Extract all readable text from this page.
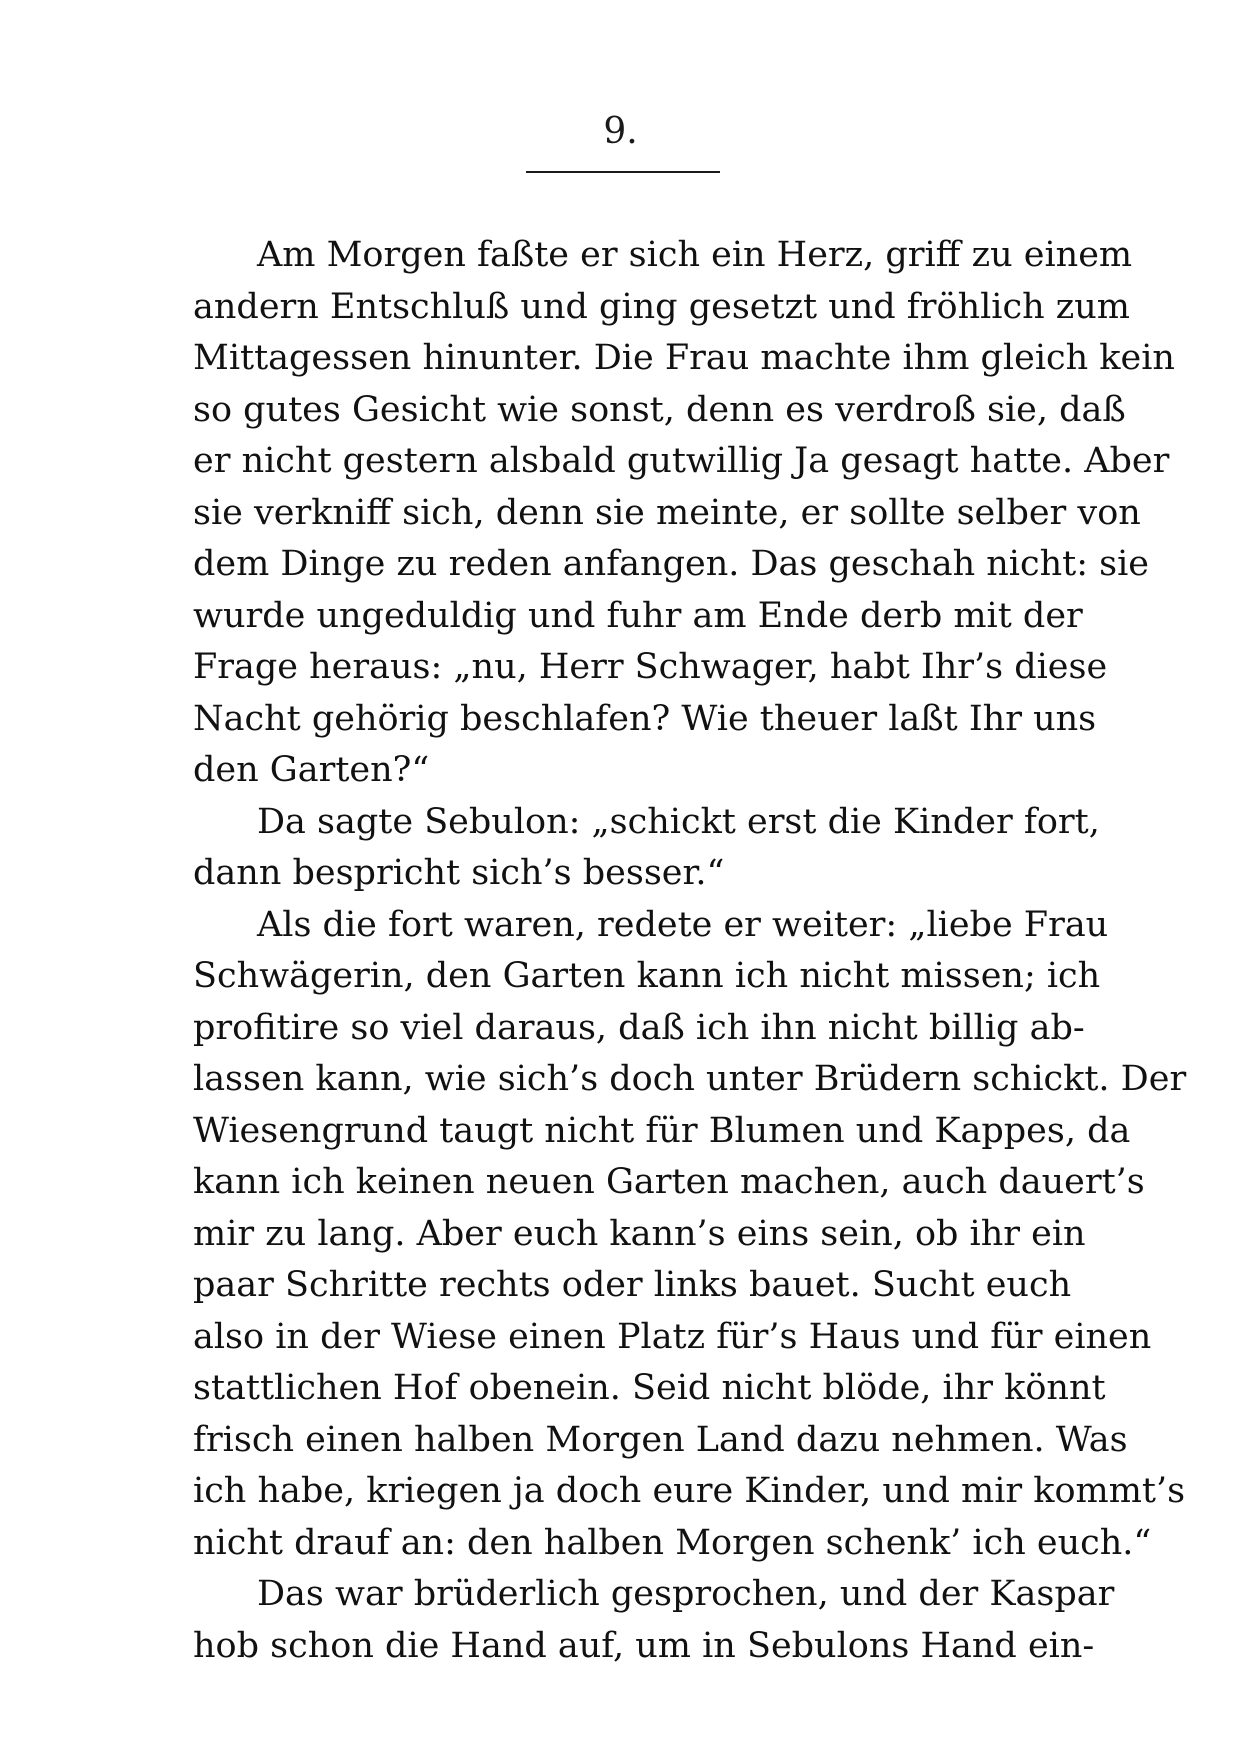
9.
Am Morgen faßte er sich ein Herz, griff zu einem
andern Entschluß und ging gesetzt und fröhlich zum
Mittagessen hinunter. Die Frau machte ihm gleich kein
so gutes Gesicht wie sonst, denn es verdroß sie, daß
er nicht gestern alsbald gutwillig Ja gesagt hatte. Aber
sie verkniff sich, denn sie meinte, er sollte selber von
dem Dinge zu reden anfangen. Das geschah nicht: sie
wurde ungeduldig und fuhr am Ende derb mit der
Frage heraus: „nu, Herr Schwager, habt Ihr’s diese
Nacht gehörig beschlafen? Wie theuer laßt Ihr uns
den Garten?“
Da sagte Sebulon: „schickt erst die Kinder fort,
dann bespricht sich’s besser.“
Als die fort waren, redete er weiter: „liebe Frau
Schwägerin, den Garten kann ich nicht missen; ich
profitire so viel daraus, daß ich ihn nicht billig ab-
lassen kann, wie sich’s doch unter Brüdern schickt. Der
Wiesengrund taugt nicht für Blumen und Kappes, da
kann ich keinen neuen Garten machen, auch dauert’s
mir zu lang. Aber euch kann’s eins sein, ob ihr ein
paar Schritte rechts oder links bauet. Sucht euch
also in der Wiese einen Platz für’s Haus und für einen
stattlichen Hof obenein. Seid nicht blöde, ihr könnt
frisch einen halben Morgen Land dazu nehmen. Was
ich habe, kriegen ja doch eure Kinder, und mir kommt’s
nicht drauf an: den halben Morgen schenk’ ich euch.“
Das war brüderlich gesprochen, und der Kaspar
hob schon die Hand auf, um in Sebulons Hand ein-
